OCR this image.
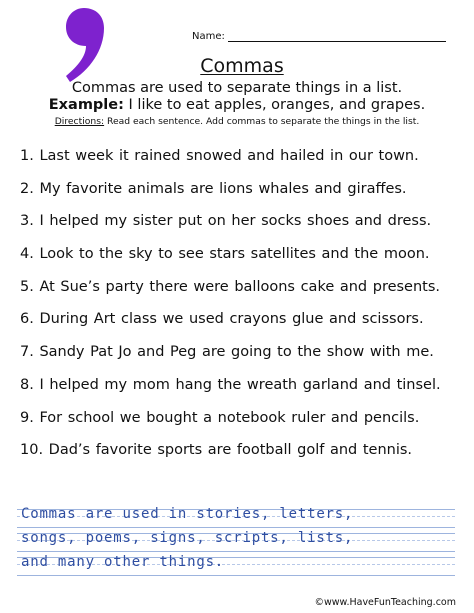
Name:
Commas
Commas are used to separate things in a list.
Example: I like to eat apples, oranges, and grapes.
Directions: Read each sentence. Add commas to separate the things in the list.
1. Last week it rained snowed and hailed in our town.
2. My favorite animals are lions whales and giraffes.
3. I helped my sister put on her socks shoes and dress.
4. Look to the sky to see stars satellites and the moon.
5. At Sue’s party there were balloons cake and presents.
6. During Art class we used crayons glue and scissors.
7. Sandy Pat Jo and Peg are going to the show with me.
8. I helped my mom hang the wreath garland and tinsel.
9. For school we bought a notebook ruler and pencils.
10. Dad’s favorite sports are football golf and tennis.
Commas are used in stories, letters,
songs, poems, signs, scripts, lists,
and many other things.
©www.HaveFunTeaching.com
